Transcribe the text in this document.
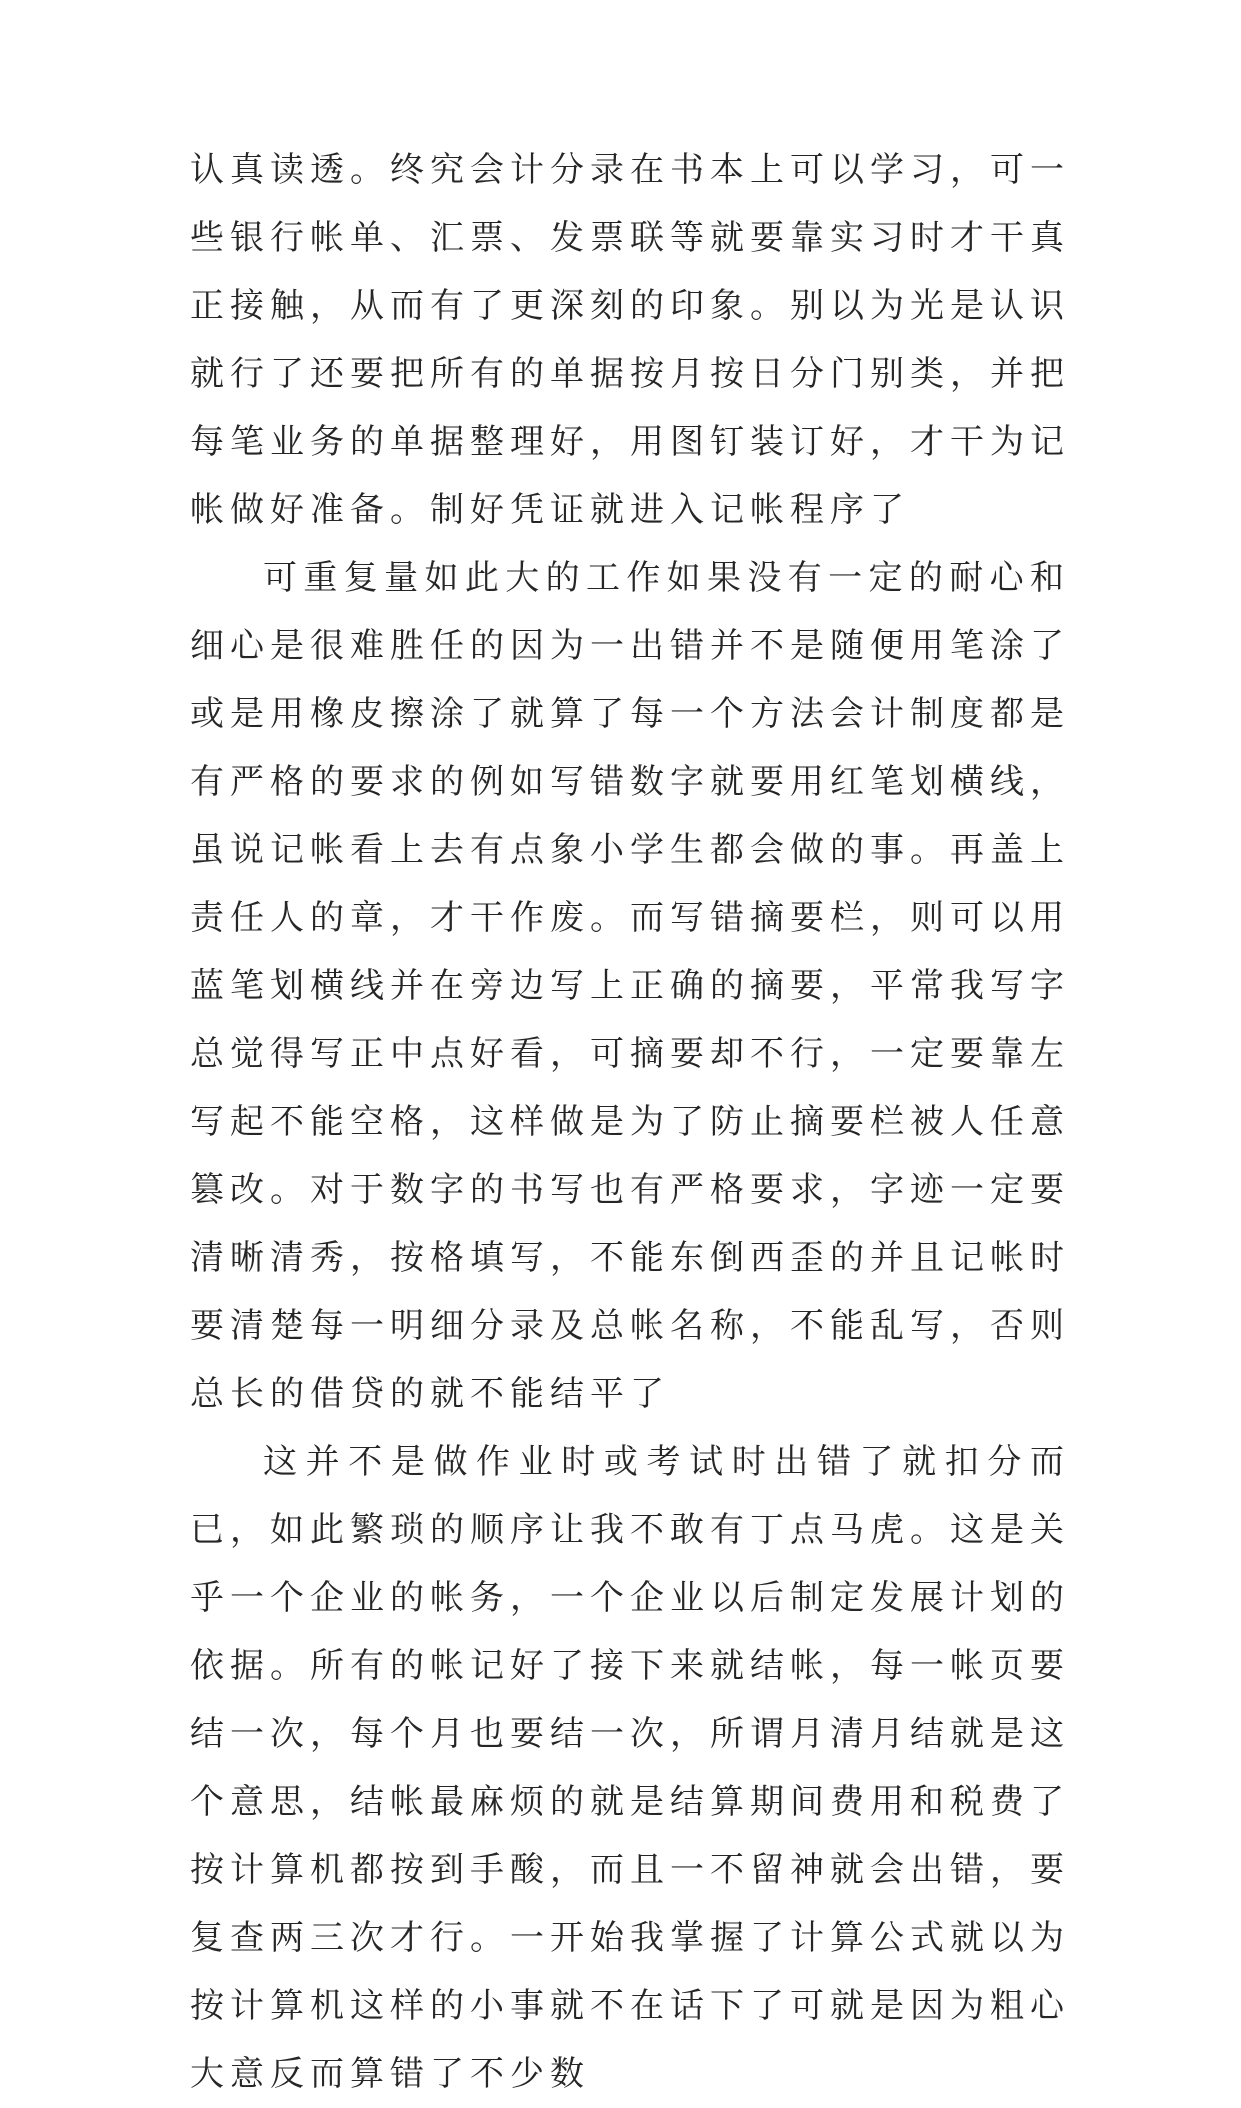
认真读透。终究会计分录在书本上可以学习，可一些银行帐单、汇票、发票联等就要靠实习时才干真正接触，从而有了更深刻的印象。别以为光是认识就行了还要把所有的单据按月按日分门别类，并把每笔业务的单据整理好，用图钉装订好，才干为记帐做好准备。制好凭证就进入记帐程序了

可重复量如此大的工作如果没有一定的耐心和细心是很难胜任的因为一出错并不是随便用笔涂了或是用橡皮擦涂了就算了每一个方法会计制度都是有严格的要求的例如写错数字就要用红笔划横线，虽说记帐看上去有点象小学生都会做的事。再盖上责任人的章，才干作废。而写错摘要栏，则可以用蓝笔划横线并在旁边写上正确的摘要，平常我写字总觉得写正中点好看，可摘要却不行，一定要靠左写起不能空格，这样做是为了防止摘要栏被人任意篡改。对于数字的书写也有严格要求，字迹一定要清晰清秀，按格填写，不能东倒西歪的并且记帐时要清楚每一明细分录及总帐名称，不能乱写，否则总长的借贷的就不能结平了

这并不是做作业时或考试时出错了就扣分而已，如此繁琐的顺序让我不敢有丁点马虎。这是关乎一个企业的帐务，一个企业以后制定发展计划的依据。所有的帐记好了接下来就结帐，每一帐页要结一次，每个月也要结一次，所谓月清月结就是这个意思，结帐最麻烦的就是结算期间费用和税费了按计算机都按到手酸，而且一不留神就会出错，要复查两三次才行。一开始我掌握了计算公式就以为按计算机这样的小事就不在话下了可就是因为粗心大意反而算错了不少数
